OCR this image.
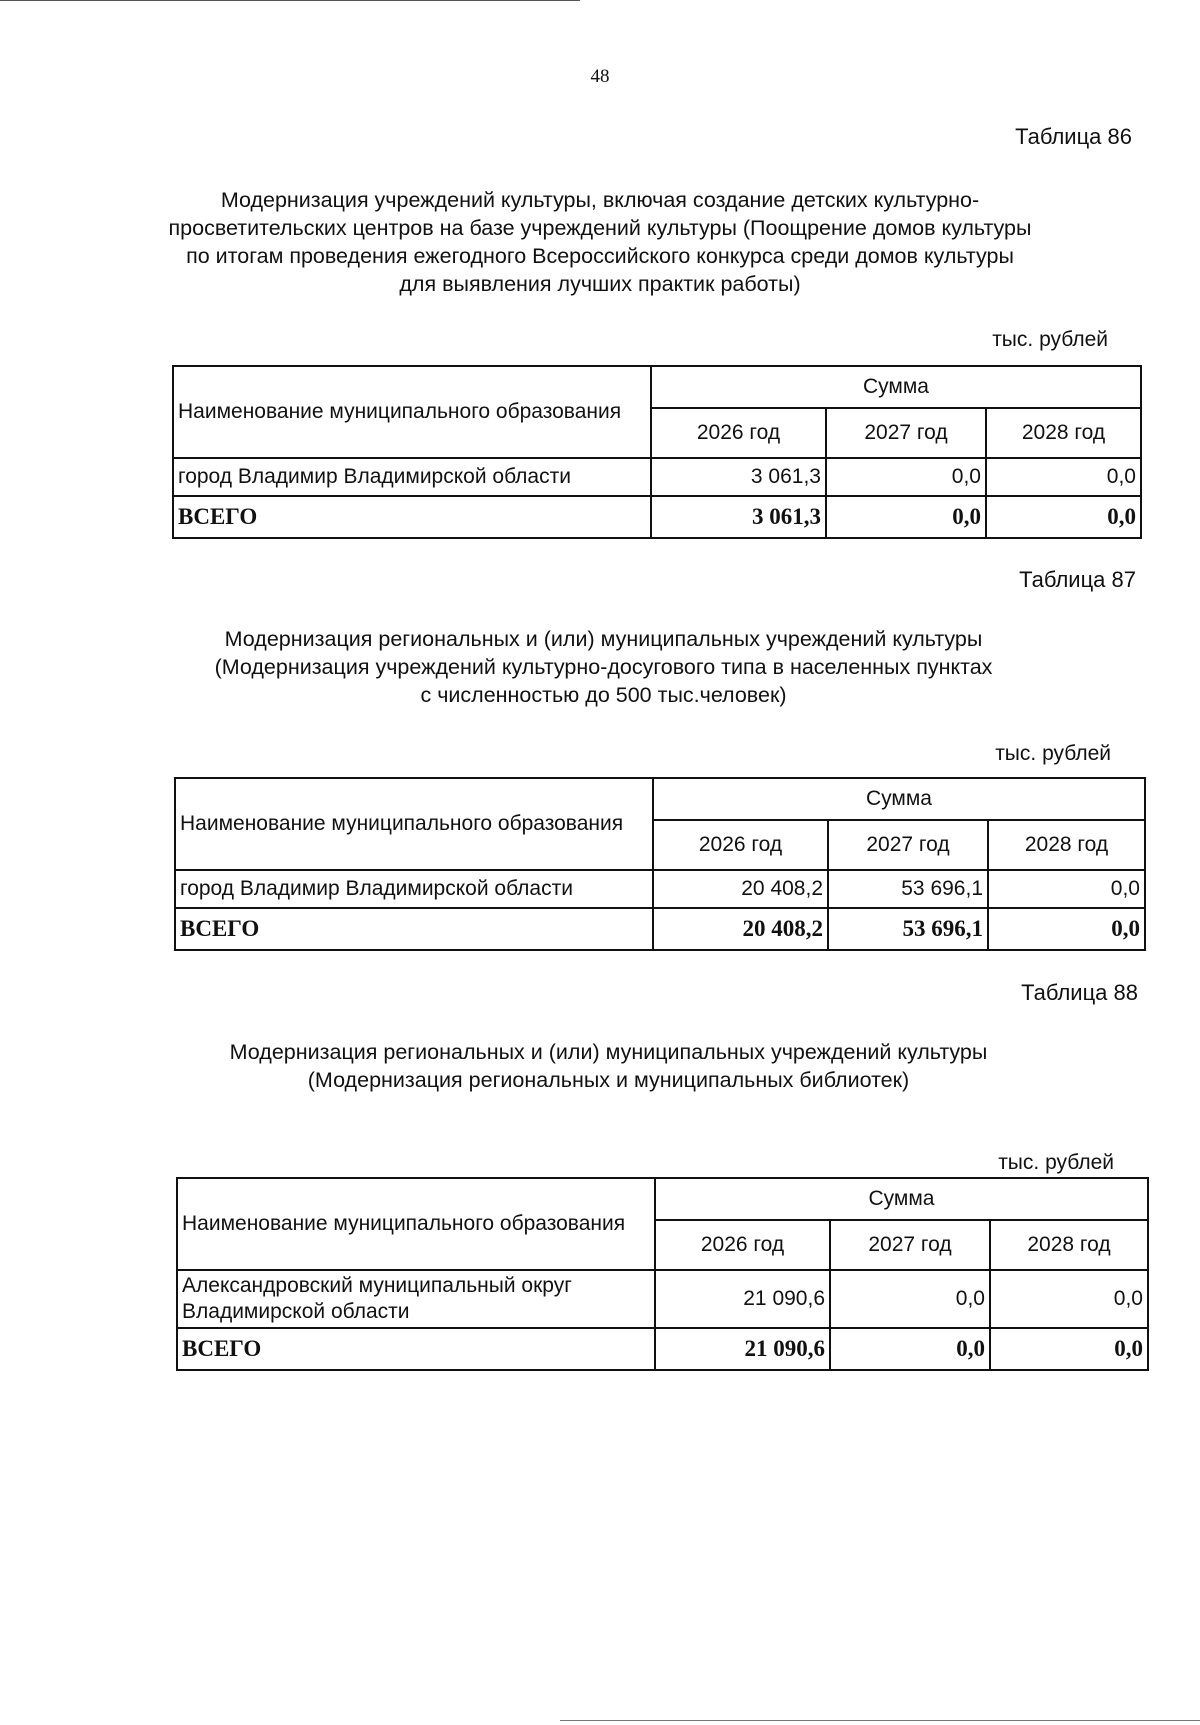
48
Таблица 86
Модернизация учреждений культуры, включая создание детских культурно-
просветительских центров на базе учреждений культуры (Поощрение домов культуры
по итогам проведения ежегодного Всероссийского конкурса среди домов культуры
для выявления лучших практик работы)
тыс. рублей
Наименование муниципального образования	Сумма		
	2026 год	2027 год	2028 год
город Владимир Владимирской области	3 061,3	0,0	0,0
ВСЕГО	3 061,3	0,0	0,0
Таблица 87
Модернизация региональных и (или) муниципальных учреждений культуры
(Модернизация учреждений культурно-досугового типа в населенных пунктах
с численностью до 500 тыс.человек)
тыс. рублей
Наименование муниципального образования	Сумма		
	2026 год	2027 год	2028 год
город Владимир Владимирской области	20 408,2	53 696,1	0,0
ВСЕГО	20 408,2	53 696,1	0,0
Таблица 88
Модернизация региональных и (или) муниципальных учреждений культуры
(Модернизация региональных и муниципальных библиотек)
тыс. рублей
Наименование муниципального образования	Сумма		
	2026 год	2027 год	2028 год

Александровский муниципальный округ
Владимирской области	21 090,6	0,0	0,0
ВСЕГО	21 090,6	0,0	0,0
